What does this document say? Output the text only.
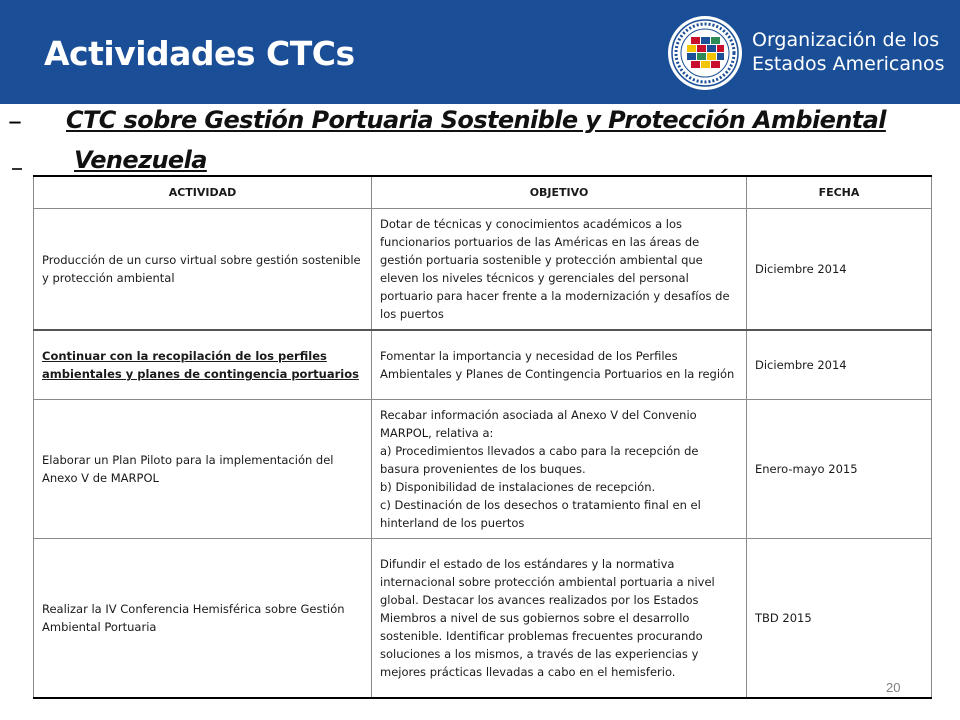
Actividades CTCs	Organización de los
Estados Americanos
– CTC sobre Gestión Portuaria Sostenible y Protección Ambiental
Venezuela
ACTIVIDAD	OBJETIVO	FECHA
Producción de un curso virtual sobre gestión sostenible y protección ambiental	Dotar de técnicas y conocimientos académicos a los funcionarios portuarios de las Américas en las áreas de gestión portuaria sostenible y protección ambiental que eleven los niveles técnicos y gerenciales del personal portuario para hacer frente a la modernización y desafíos de los puertos	Diciembre 2014
Continuar con la recopilación de los perfiles ambientales y planes de contingencia portuarios	Fomentar la importancia y necesidad de los Perfiles Ambientales y Planes de Contingencia Portuarios en la región	Diciembre 2014
Elaborar un Plan Piloto para la implementación del Anexo V de MARPOL	Recabar información asociada al Anexo V del Convenio MARPOL, relativa a:
a) Procedimientos llevados a cabo para la recepción de basura provenientes de los buques.
b) Disponibilidad de instalaciones de recepción.
c) Destinación de los desechos o tratamiento final en el hinterland de los puertos	Enero-mayo 2015
Realizar la IV Conferencia Hemisférica sobre Gestión Ambiental Portuaria	Difundir el estado de los estándares y la normativa internacional sobre protección ambiental portuaria a nivel global. Destacar los avances realizados por los Estados Miembros a nivel de sus gobiernos sobre el desarrollo sostenible. Identificar problemas frecuentes procurando soluciones a los mismos, a través de las experiencias y mejores prácticas llevadas a cabo en el hemisferio.	TBD 2015
20
